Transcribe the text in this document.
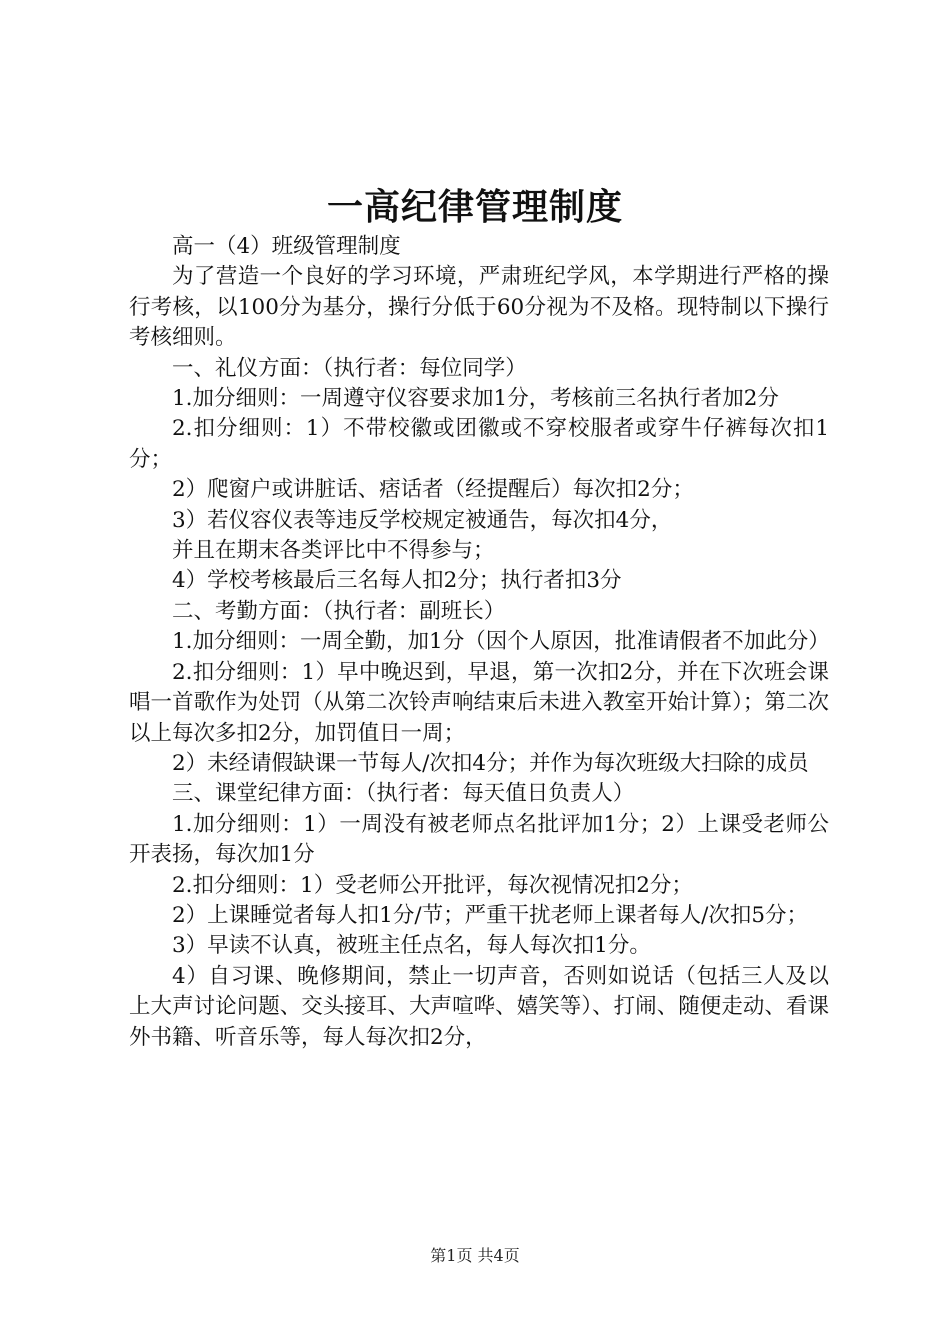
一高纪律管理制度

高一（4）班级管理制度

为了营造一个良好的学习环境，严肃班纪学风，本学期进行严格的操行考核，以100分为基分，操行分低于60分视为不及格。现特制以下操行考核细则。

一、礼仪方面：（执行者：每位同学）

1.加分细则：一周遵守仪容要求加1分，考核前三名执行者加2分

2.扣分细则：1）不带校徽或团徽或不穿校服者或穿牛仔裤每次扣1分；

2）爬窗户或讲脏话、痞话者（经提醒后）每次扣2分；

3）若仪容仪表等违反学校规定被通告，每次扣4分，

并且在期末各类评比中不得参与；

4）学校考核最后三名每人扣2分；执行者扣3分

二、考勤方面：（执行者：副班长）

1.加分细则：一周全勤，加1分（因个人原因，批准请假者不加此分）

2.扣分细则：1）早中晚迟到，早退，第一次扣2分，并在下次班会课唱一首歌作为处罚（从第二次铃声响结束后未进入教室开始计算）；第二次以上每次多扣2分，加罚值日一周；

2）未经请假缺课一节每人/次扣4分；并作为每次班级大扫除的成员

三、课堂纪律方面：（执行者：每天值日负责人）

1.加分细则：1）一周没有被老师点名批评加1分；2）上课受老师公开表扬，每次加1分

2.扣分细则：1）受老师公开批评，每次视情况扣2分；

2）上课睡觉者每人扣1分/节；严重干扰老师上课者每人/次扣5分；

3）早读不认真，被班主任点名，每人每次扣1分。

4）自习课、晚修期间，禁止一切声音，否则如说话（包括三人及以上大声讨论问题、交头接耳、大声喧哗、嬉笑等）、打闹、随便走动、看课外书籍、听音乐等，每人每次扣2分，

第1页 共4页
